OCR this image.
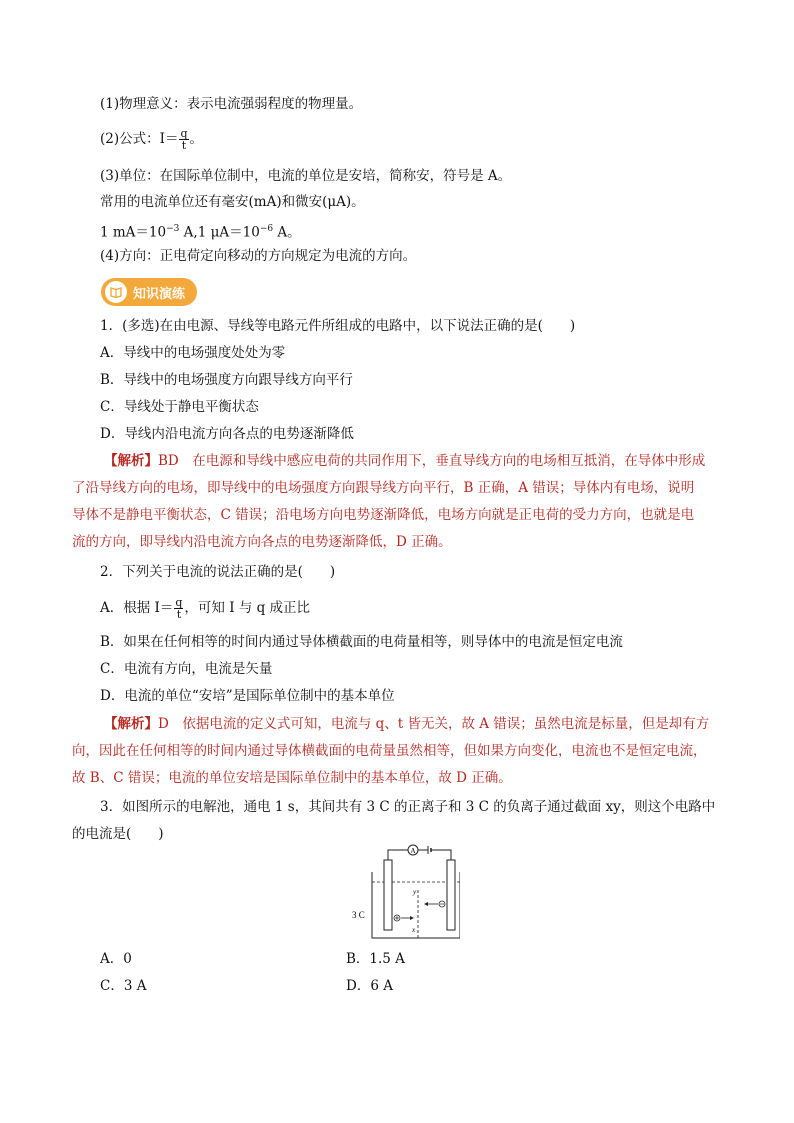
(1)物理意义：表示电流强弱程度的物理量。
(2)公式：$I= \frac{q}{t}$ 。
(3)单位：在国际单位制中，电流的单位是安培，简称安，符号是 A。
常用的电流单位还有毫安(mA)和微安(μA)。
1 $mA=10^{-3}$ A,1 $\mu A=10^{-6}$ A。
(4)方向：正电荷定向移动的方向规定为电流的方向。
知识演练
1．(多选)在由电源、导线等电路元件所组成的电路中，以下说法正确的是(　　)
A．导线中的电场强度处处为零
B．导线中的电场强度方向跟导线方向平行
C．导线处于静电平衡状态
D．导线内沿电流方向各点的电势逐渐降低
【解析】BD　在电源和导线中感应电荷的共同作用下，垂直导线方向的电场相互抵消，在导体中形成
了沿导线方向的电场，即导线中的电场强度方向跟导线方向平行，B 正确，A 错误；导体内有电场，说明
导体不是静电平衡状态，C 错误；沿电场方向电势逐渐降低，电场方向就是正电荷的受力方向，也就是电
流的方向，即导线内沿电流方向各点的电势逐渐降低，D 正确。
2．下列关于电流的说法正确的是(　　)
A．根据 $I= \frac{q}{t}$ ，可知 I 与 q 成正比
B．如果在任何相等的时间内通过导体横截面的电荷量相等，则导体中的电流是恒定电流
C．电流有方向，电流是矢量
D．电流的单位“安培”是国际单位制中的基本单位
【解析】D　依据电流的定义式可知，电流与 q、t 皆无关，故 A 错误；虽然电流是标量，但是却有方
向，因此在任何相等的时间内通过导体横截面的电荷量虽然相等，但如果方向变化，电流也不是恒定电流，
故 B、C 错误；电流的单位安培是国际单位制中的基本单位，故 D 正确。
3．如图所示的电解池，通电 1 s，其间共有 3 C 的正离子和 3 C 的负离子通过截面 xy，则这个电路中
的电流是(　　)
A
y
x
3 C
A．0	B．1.5 A
C．3 A	D．6 A
